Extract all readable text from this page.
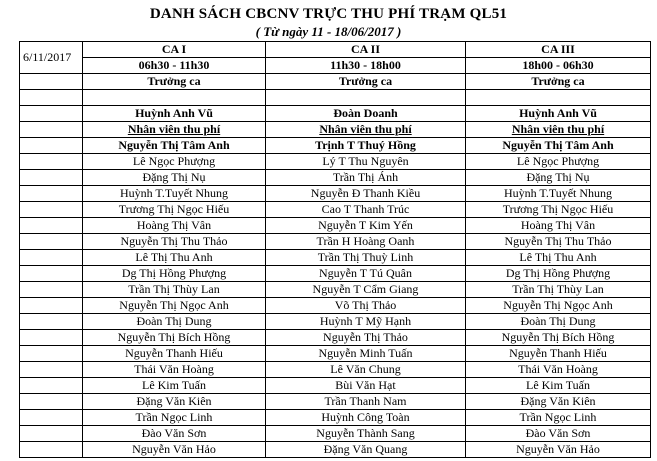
DANH SÁCH CBCNV TRỰC THU PHÍ TRẠM QL51
( Từ ngày 11 - 18/06/2017 )
6/11/2017	CA I	CA II	CA III
	06h30 - 11h30	11h30 - 18h00	18h00 - 06h30
	Trưởng ca	Trưởng ca	Trưởng ca

	Huỳnh Anh Vũ	Đoàn Doanh	Huỳnh Anh Vũ
	Nhân viên thu phí	Nhân viên thu phí	Nhân viên thu phí
	Nguyễn Thị Tâm Anh	Trịnh T Thuý Hồng	Nguyễn Thị Tâm Anh
	Lê Ngọc Phượng	Lý T Thu Nguyên	Lê Ngọc Phượng
	Đặng Thị Nụ	Trần Thị Ánh	Đặng Thị Nụ
	Huỳnh T.Tuyết Nhung	Nguyễn Đ Thanh Kiều	Huỳnh T.Tuyết Nhung
	Trương Thị Ngọc Hiếu	Cao T Thanh Trúc	Trương Thị Ngọc Hiếu
	Hoàng Thị Vân	Nguyễn T Kim Yến	Hoàng Thị Vân
	Nguyễn Thị Thu Thảo	Trần H Hoàng Oanh	Nguyễn Thị Thu Thảo
	Lê Thị Thu Anh	Trần Thị Thuỳ Linh	Lê Thị Thu Anh
	Dg Thị Hồng Phượng	Nguyễn T Tú Quân	Dg Thị Hồng Phượng
	Trần Thị Thùy Lan	Nguyễn T Cẩm Giang	Trần Thị Thùy Lan
	Nguyễn Thị Ngọc Anh	Võ Thị Thảo	Nguyễn Thị Ngọc Anh
	Đoàn Thị Dung	Huỳnh T Mỹ Hạnh	Đoàn Thị Dung
	Nguyễn Thị Bích Hồng	Nguyễn Thị Thảo	Nguyễn Thị Bích Hồng
	Nguyễn Thanh Hiếu	Nguyễn Minh Tuấn	Nguyễn Thanh Hiếu
	Thái Văn Hoàng	Lê Văn Chung	Thái Văn Hoàng
	Lê Kim Tuấn	Bùi Văn Hạt	Lê Kim Tuấn
	Đặng Văn Kiên	Trần Thanh Nam	Đặng Văn Kiên
	Trần Ngọc Linh	Huỳnh Công Toàn	Trần Ngọc Linh
	Đào Văn Sơn	Nguyễn Thành Sang	Đào Văn Sơn
	Nguyễn Văn Hảo	Đặng Văn Quang	Nguyễn Văn Hảo
